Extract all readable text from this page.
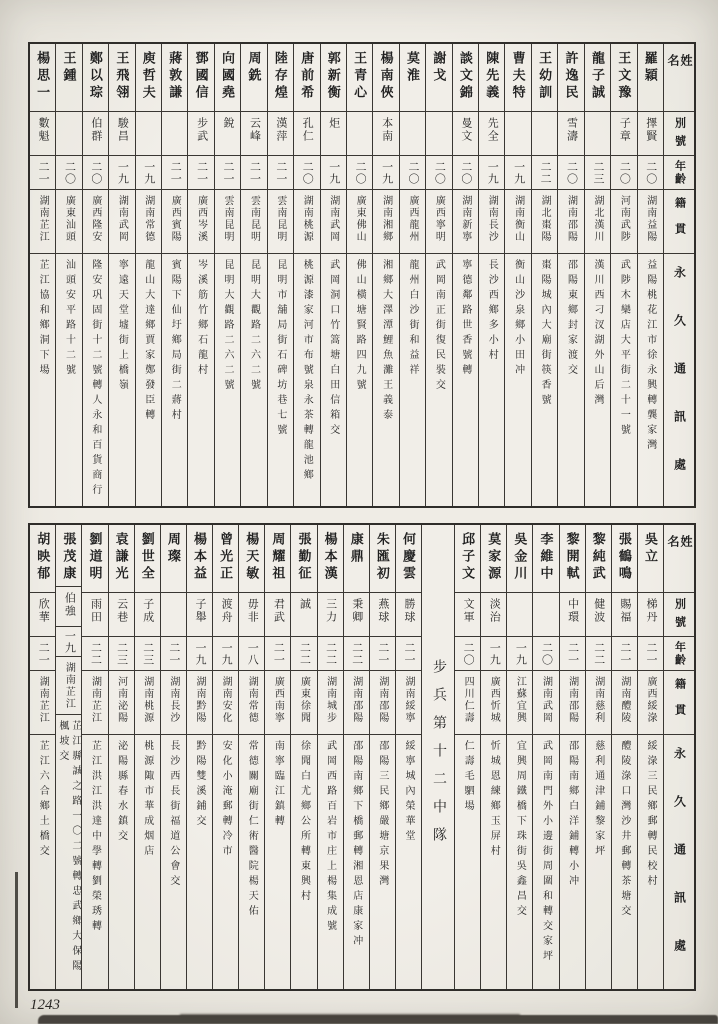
姓名
別號
年齡
籍貫
永久通訊處
羅穎
擇賢
二〇
湖南益陽
益陽桃花江市徐永興轉龔家灣
王文豫
子章
二〇
河南武陟
武陟木欒店大平街二十一號
龍子誠
二三
湖北漢川
漢川西刁汊湖外山后灣
許逸民
雪濤
二〇
湖南邵陽
邵陽東鄉封家渡交
王幼訓
二二
湖北棗陽
棗陽城內大廟街筷香號
曹夫特
一九
湖南衡山
衡山沙泉鄉小田冲
陳先義
先全
一九
湖南長沙
長沙西鄉多小村
談文錦
曼文
二〇
湖南新寧
寧德鄰路世香號轉
謝戈
二〇
廣西寧明
武岡南正街復民裝交
莫淮
二〇
廣西龍州
龍州白沙街和益祥
楊南俠
本南
一九
湖南湘鄉
湘鄉大澤潭鯉魚灘王義泰
王青心
二〇
廣東佛山
佛山橫塘賢路四九號
郭新衡
炬
一九
湖南武岡
武岡洞口竹篙塘白田信箱交
唐前希
孔仁
二〇
湖南桃源
桃源漆家河市布號泉永茶轉龍池鄉
陸存煌
漢萍
二一
雲南昆明
昆明市舖局街石碑坊巷七號
周銑
云峰
二一
雲南昆明
昆明大觀路二六二號
向國堯
銳
二一
雲南昆明
昆明大觀路二六二號
鄧國信
步武
二一
廣西岑溪
岑溪筋竹鄉石龍村
蔣敦謙
二一
廣西賓陽
賓陽下仙圩鄉局街二蔣村
庾哲夫
一九
湖南常德
龍山大達鄉賈家鄭發臣轉
王飛翎
駿昌
一九
湖南武岡
寧遠天堂墟街上橋嶺
鄭以琮
伯群
二〇
廣西隆安
隆安巩固街十二號轉人永和百貨商行
王鍾
二〇
廣東汕頭
汕頭安平路十二號
楊思一
數魁
二一
湖南芷江
芷江協和鄉洞下場
姓名
別號
年齡
籍貫
永久通訊處
吳立
梯丹
二一
廣西綏淥
綏淥三民鄉郵轉民校村
張鶴鳴
賜福
二一
湖南醴陵
醴陵淥口灣沙井郵轉茶塘交
黎純武
健波
二二
湖南慈利
慈利通津鋪黎家坪
黎開軾
中環
二一
湖南邵陽
邵陽南鄉白洋鋪轉小冲
李維中
二〇
湖南武岡
武岡南門外小邊街周圍和轉交家坪
吳金川
一九
江蘇宜興
宜興周鐵橋下珠街吳鑫昌交
莫家源
淡治
一九
廣西忻城
忻城恩練鄉玉屏村
邱子文
文軍
二〇
四川仁壽
仁壽毛駟場
步兵第十二中隊
何慶雲
勝球
二一
湖南綏寧
綏寧城內榮華堂
朱匯初
燕球
二一
湖南邵陽
邵陽三民鄉嚴塘京果灣
康鼎
秉卿
二二
湖南邵陽
邵陽南鄉下橋郵轉湘恩店康家冲
楊本漢
三力
二二
湖南城步
武岡西路百岩市庄上楊集成號
張勤征
誠
二二
廣東徐聞
徐聞白尤鄉公所轉東興村
周耀祖
君武
二一
廣西南寧
南寧臨江鎮轉
楊天敏
毋非
一八
湖南常德
常德關廟街仁術醫院楊天佑
曾光正
渡舟
一九
湖南安化
安化小淹郵轉冷市
楊本益
子舉
一九
湖南黔陽
黔陽雙溪鋪交
周璨
二一
湖南長沙
長沙西長街福道公會交
劉世全
子成
二三
湖南桃源
桃源陬市華成烟店
袁謙光
云巷
二三
河南泌陽
泌陽縣春水鎮交
劉道明
雨田
二二
湖南芷江
芷江洪江洪達中學轉劉榮琇轉
張茂康
伯強
一九
湖南芷江
芷江縣誠之路一〇二號轉忠武鄉大保陽楓坡交
胡映郁
欣華
二一
湖南芷江
芷江六合鄉土橋交
1243
